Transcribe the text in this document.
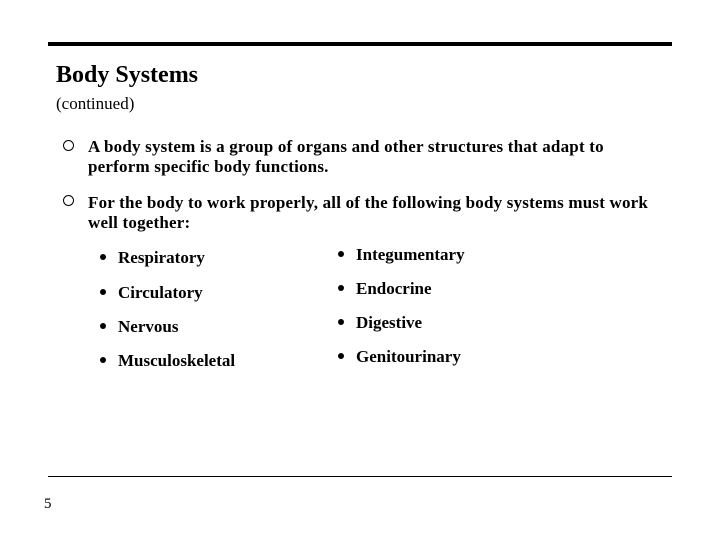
Body Systems
(continued)
A body system is a group of organs and other structures that adapt to perform specific body functions.
For the body to work properly, all of the following body systems must work well together:
Respiratory
Circulatory
Nervous
Musculoskeletal
Integumentary
Endocrine
Digestive
Genitourinary
5
